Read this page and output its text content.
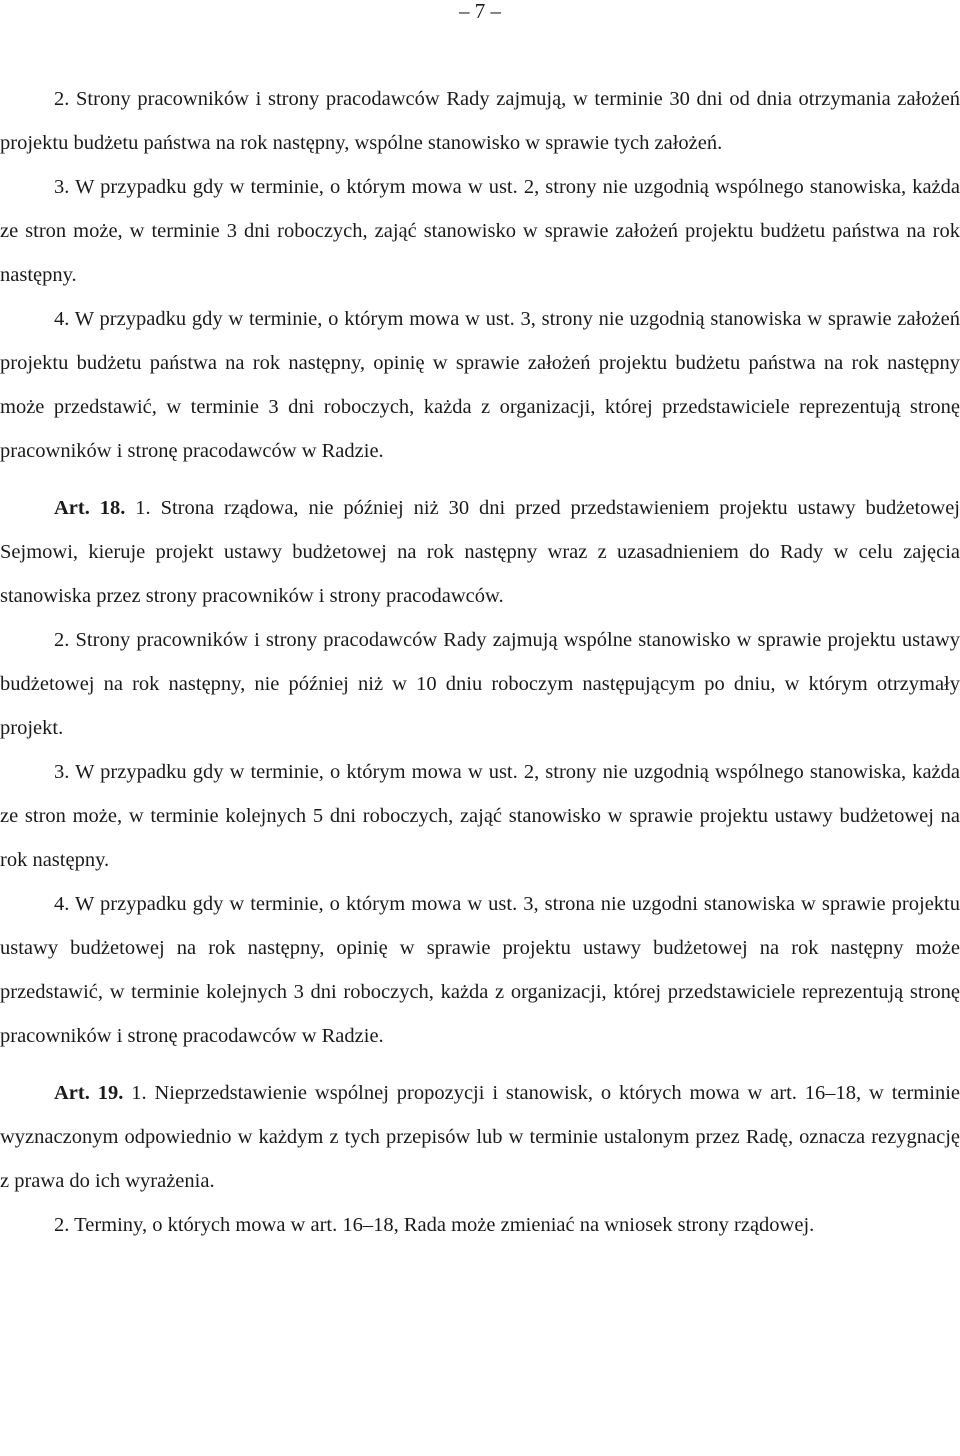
– 7 –

2. Strony pracowników i strony pracodawców Rady zajmują, w terminie 30 dni od dnia otrzymania założeń projektu budżetu państwa na rok następny, wspólne stanowisko w sprawie tych założeń.

3. W przypadku gdy w terminie, o którym mowa w ust. 2, strony nie uzgodnią wspólnego stanowiska, każda ze stron może, w terminie 3 dni roboczych, zająć stanowisko w sprawie założeń projektu budżetu państwa na rok następny.

4. W przypadku gdy w terminie, o którym mowa w ust. 3, strony nie uzgodnią stanowiska w sprawie założeń projektu budżetu państwa na rok następny, opinię w sprawie założeń projektu budżetu państwa na rok następny może przedstawić, w terminie 3 dni roboczych, każda z organizacji, której przedstawiciele reprezentują stronę pracowników i stronę pracodawców w Radzie.

Art. 18. 1. Strona rządowa, nie później niż 30 dni przed przedstawieniem projektu ustawy budżetowej Sejmowi, kieruje projekt ustawy budżetowej na rok następny wraz z uzasadnieniem do Rady w celu zajęcia stanowiska przez strony pracowników i strony pracodawców.

2. Strony pracowników i strony pracodawców Rady zajmują wspólne stanowisko w sprawie projektu ustawy budżetowej na rok następny, nie później niż w 10 dniu roboczym następującym po dniu, w którym otrzymały projekt.

3. W przypadku gdy w terminie, o którym mowa w ust. 2, strony nie uzgodnią wspólnego stanowiska, każda ze stron może, w terminie kolejnych 5 dni roboczych, zająć stanowisko w sprawie projektu ustawy budżetowej na rok następny.

4. W przypadku gdy w terminie, o którym mowa w ust. 3, strona nie uzgodni stanowiska w sprawie projektu ustawy budżetowej na rok następny, opinię w sprawie projektu ustawy budżetowej na rok następny może przedstawić, w terminie kolejnych 3 dni roboczych, każda z organizacji, której przedstawiciele reprezentują stronę pracowników i stronę pracodawców w Radzie.

Art. 19. 1. Nieprzedstawienie wspólnej propozycji i stanowisk, o których mowa w art. 16–18, w terminie wyznaczonym odpowiednio w każdym z tych przepisów lub w terminie ustalonym przez Radę, oznacza rezygnację z prawa do ich wyrażenia.

2. Terminy, o których mowa w art. 16–18, Rada może zmieniać na wniosek strony rządowej.
